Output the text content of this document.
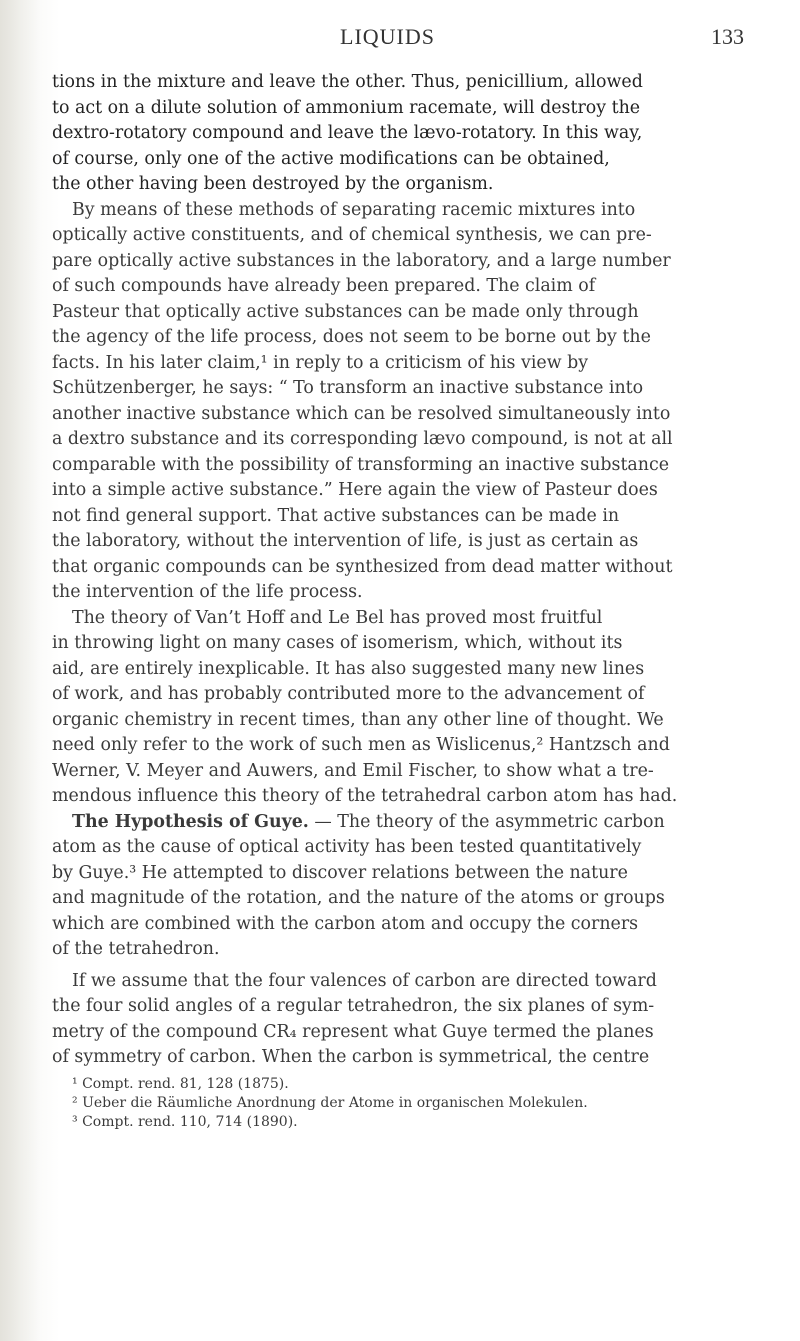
LIQUIDS	133
tions in the mixture and leave the other. Thus, penicillium, allowed
to act on a dilute solution of ammonium racemate, will destroy the
dextro-rotatory compound and leave the lævo-rotatory. In this way,
of course, only one of the active modifications can be obtained,
the other having been destroyed by the organism.
By means of these methods of separating racemic mixtures into
optically active constituents, and of chemical synthesis, we can pre-
pare optically active substances in the laboratory, and a large number
of such compounds have already been prepared. The claim of
Pasteur that optically active substances can be made only through
the agency of the life process, does not seem to be borne out by the
facts. In his later claim,¹ in reply to a criticism of his view by
Schützenberger, he says: “ To transform an inactive substance into
another inactive substance which can be resolved simultaneously into
a dextro substance and its corresponding lævo compound, is not at all
comparable with the possibility of transforming an inactive substance
into a simple active substance.” Here again the view of Pasteur does
not find general support. That active substances can be made in
the laboratory, without the intervention of life, is just as certain as
that organic compounds can be synthesized from dead matter without
the intervention of the life process.
The theory of Van’t Hoff and Le Bel has proved most fruitful
in throwing light on many cases of isomerism, which, without its
aid, are entirely inexplicable. It has also suggested many new lines
of work, and has probably contributed more to the advancement of
organic chemistry in recent times, than any other line of thought. We
need only refer to the work of such men as Wislicenus,² Hantzsch and
Werner, V. Meyer and Auwers, and Emil Fischer, to show what a tre-
mendous influence this theory of the tetrahedral carbon atom has had.
The Hypothesis of Guye. — The theory of the asymmetric carbon
atom as the cause of optical activity has been tested quantitatively
by Guye.³ He attempted to discover relations between the nature
and magnitude of the rotation, and the nature of the atoms or groups
which are combined with the carbon atom and occupy the corners
of the tetrahedron.
If we assume that the four valences of carbon are directed toward
the four solid angles of a regular tetrahedron, the six planes of sym-
metry of the compound CR₄ represent what Guye termed the planes
of symmetry of carbon. When the carbon is symmetrical, the centre
¹ Compt. rend. 81, 128 (1875).
² Ueber die Räumliche Anordnung der Atome in organischen Molekulen.
³ Compt. rend. 110, 714 (1890).
